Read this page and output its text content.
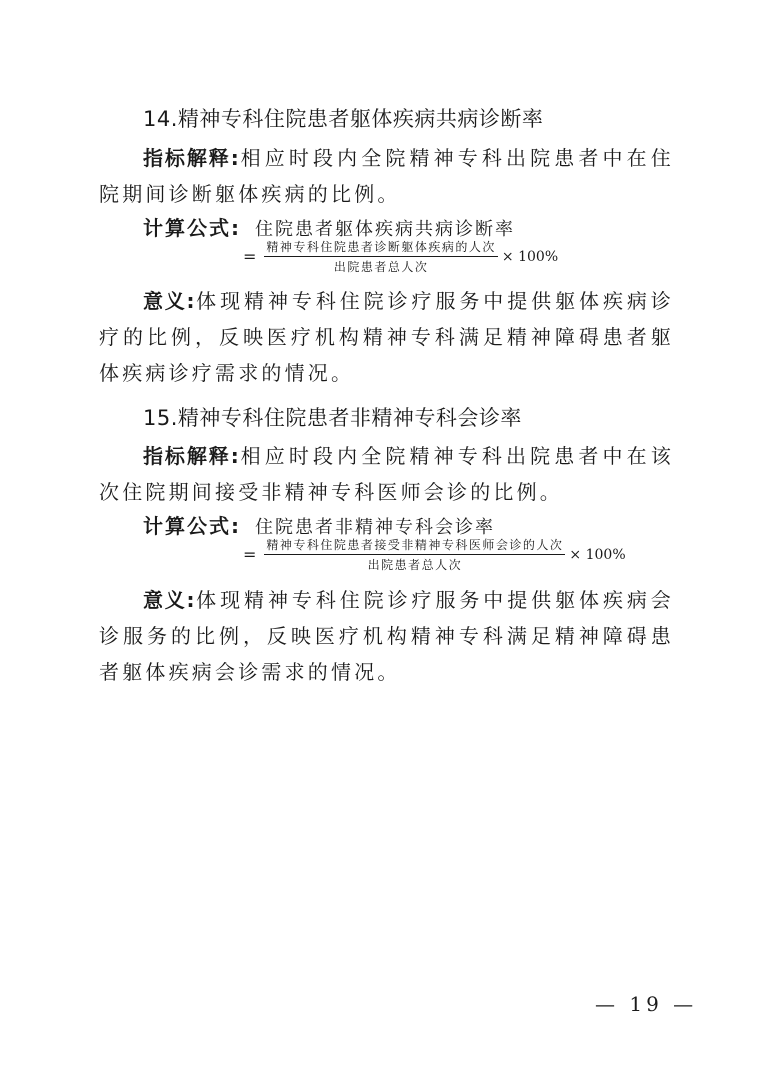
14.精神专科住院患者躯体疾病共病诊断率
指标解释:相应时段内全院精神专科出院患者中在住院期间诊断躯体疾病的比例。
计算公式: 住院患者躯体疾病共病诊断率
= $\frac{\text{精神专科住院患者诊断躯体疾病的人次}}{\text{出院患者总人次}} \times 100\%$
意义:体现精神专科住院诊疗服务中提供躯体疾病诊疗的比例，反映医疗机构精神专科满足精神障碍患者躯体疾病诊疗需求的情况。
15.精神专科住院患者非精神专科会诊率
指标解释:相应时段内全院精神专科出院患者中在该次住院期间接受非精神专科医师会诊的比例。
计算公式: 住院患者非精神专科会诊率
= $\frac{\text{精神专科住院患者接受非精神专科医师会诊的人次}}{\text{出院患者总人次}} \times 100\%$
意义:体现精神专科住院诊疗服务中提供躯体疾病会诊服务的比例，反映医疗机构精神专科满足精神障碍患者躯体疾病会诊需求的情况。
— 19 —
